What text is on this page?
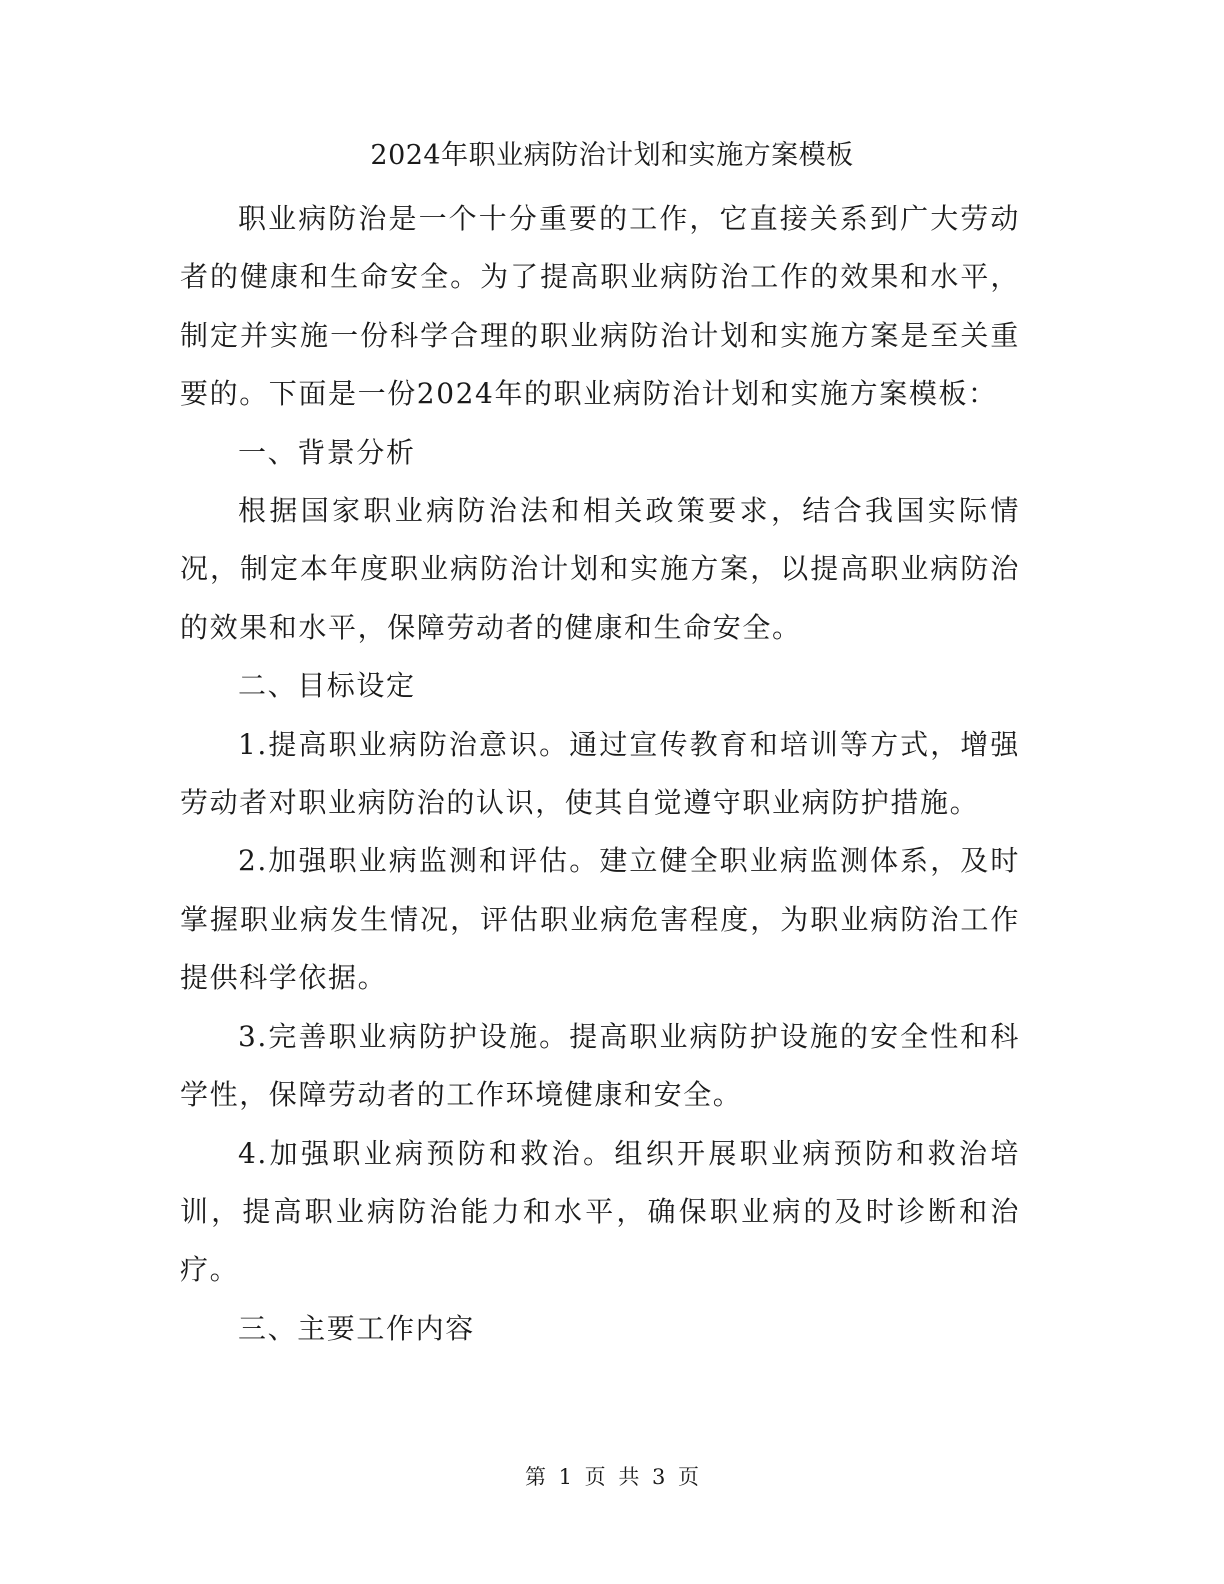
2024年职业病防治计划和实施方案模板

职业病防治是一个十分重要的工作，它直接关系到广大劳动者的健康和生命安全。为了提高职业病防治工作的效果和水平，制定并实施一份科学合理的职业病防治计划和实施方案是至关重要的。下面是一份2024年的职业病防治计划和实施方案模板：

一、背景分析

根据国家职业病防治法和相关政策要求，结合我国实际情况，制定本年度职业病防治计划和实施方案，以提高职业病防治的效果和水平，保障劳动者的健康和生命安全。

二、目标设定

1.提高职业病防治意识。通过宣传教育和培训等方式，增强劳动者对职业病防治的认识，使其自觉遵守职业病防护措施。

2.加强职业病监测和评估。建立健全职业病监测体系，及时掌握职业病发生情况，评估职业病危害程度，为职业病防治工作提供科学依据。

3.完善职业病防护设施。提高职业病防护设施的安全性和科学性，保障劳动者的工作环境健康和安全。

4.加强职业病预防和救治。组织开展职业病预防和救治培训，提高职业病防治能力和水平，确保职业病的及时诊断和治疗。

三、主要工作内容

第 1 页 共 3 页
